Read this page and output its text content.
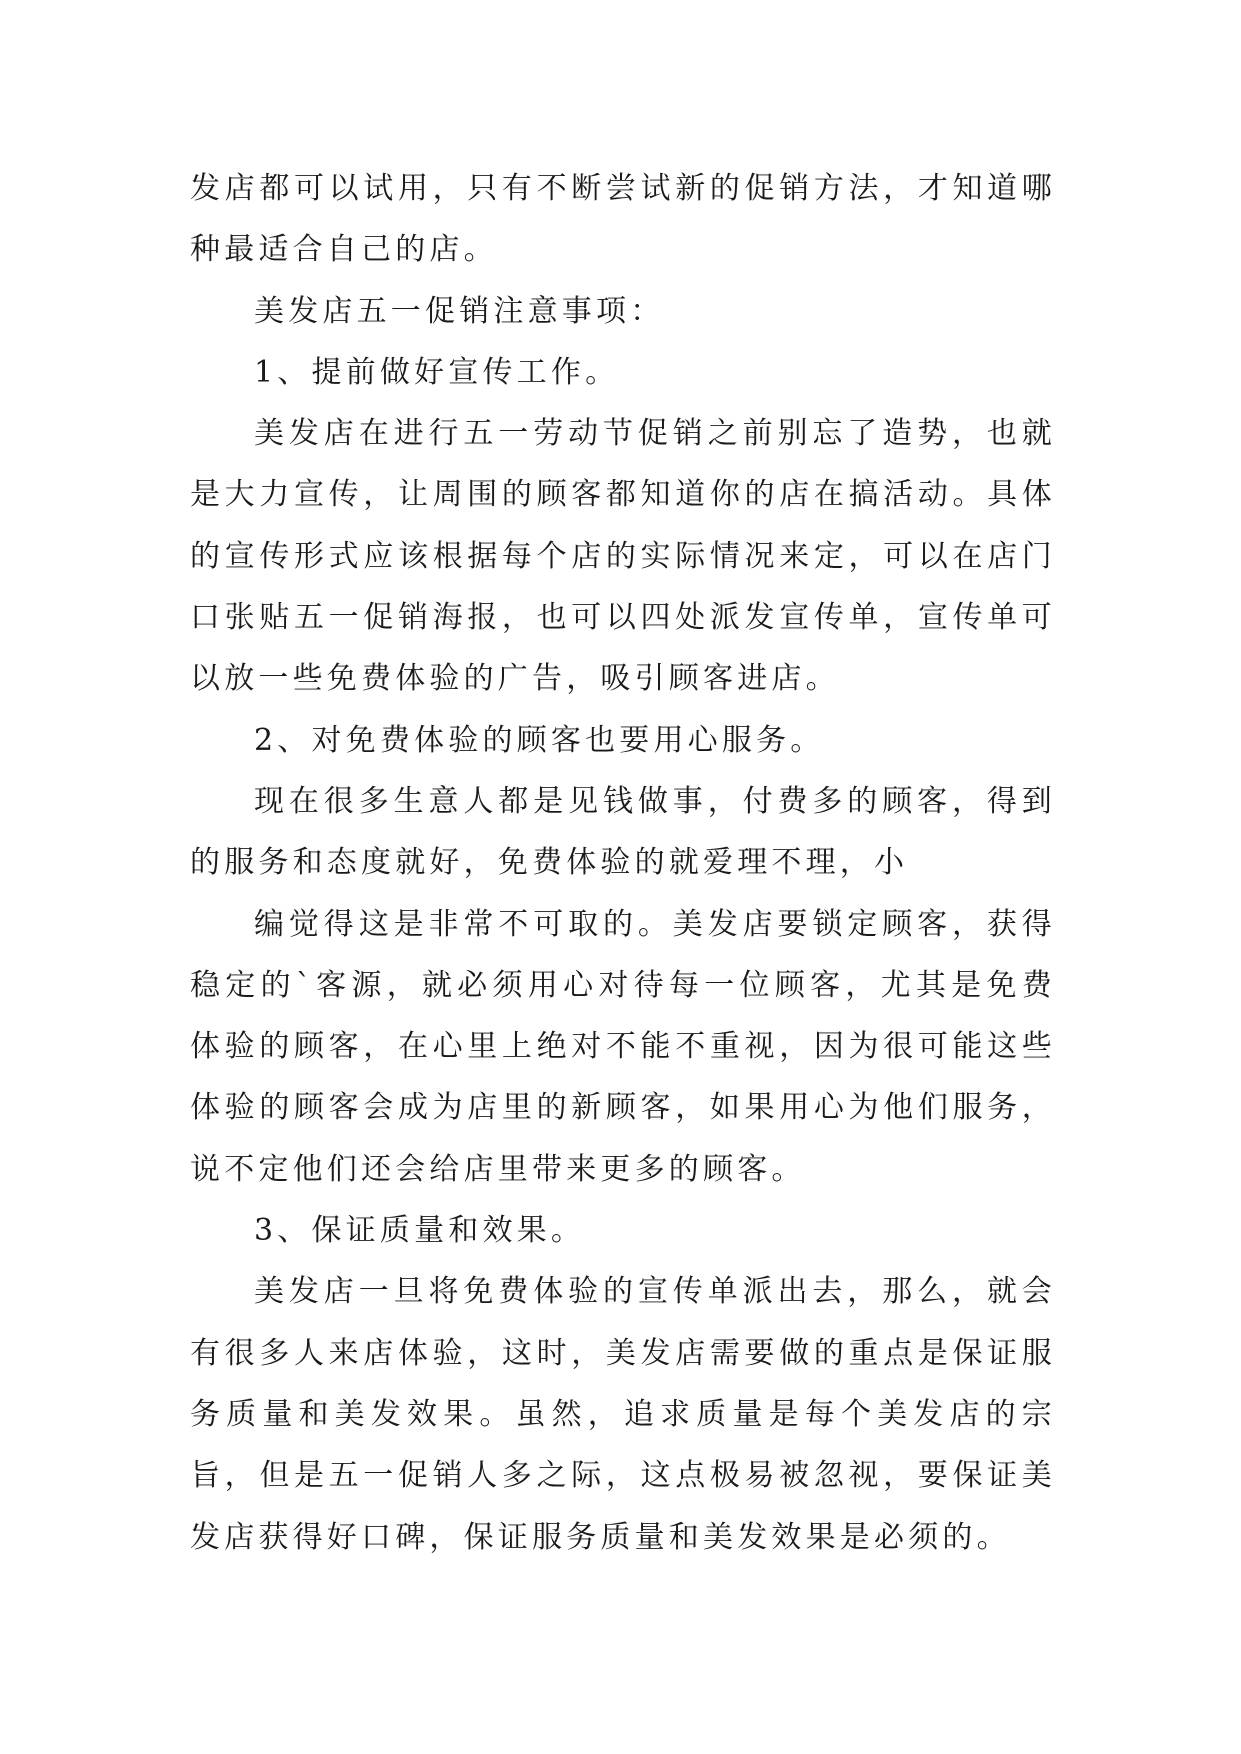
发店都可以试用，只有不断尝试新的促销方法，才知道哪种最适合自己的店。

美发店五一促销注意事项：

1、提前做好宣传工作。

美发店在进行五一劳动节促销之前别忘了造势，也就是大力宣传，让周围的顾客都知道你的店在搞活动。具体的宣传形式应该根据每个店的实际情况来定，可以在店门口张贴五一促销海报，也可以四处派发宣传单，宣传单可以放一些免费体验的广告，吸引顾客进店。

2、对免费体验的顾客也要用心服务。

现在很多生意人都是见钱做事，付费多的顾客，得到的服务和态度就好，免费体验的就爱理不理，小

编觉得这是非常不可取的。美发店要锁定顾客，获得稳定的`客源，就必须用心对待每一位顾客，尤其是免费体验的顾客，在心里上绝对不能不重视，因为很可能这些体验的顾客会成为店里的新顾客，如果用心为他们服务，说不定他们还会给店里带来更多的顾客。

3、保证质量和效果。

美发店一旦将免费体验的宣传单派出去，那么，就会有很多人来店体验，这时，美发店需要做的重点是保证服务质量和美发效果。虽然，追求质量是每个美发店的宗旨，但是五一促销人多之际，这点极易被忽视，要保证美发店获得好口碑，保证服务质量和美发效果是必须的。
